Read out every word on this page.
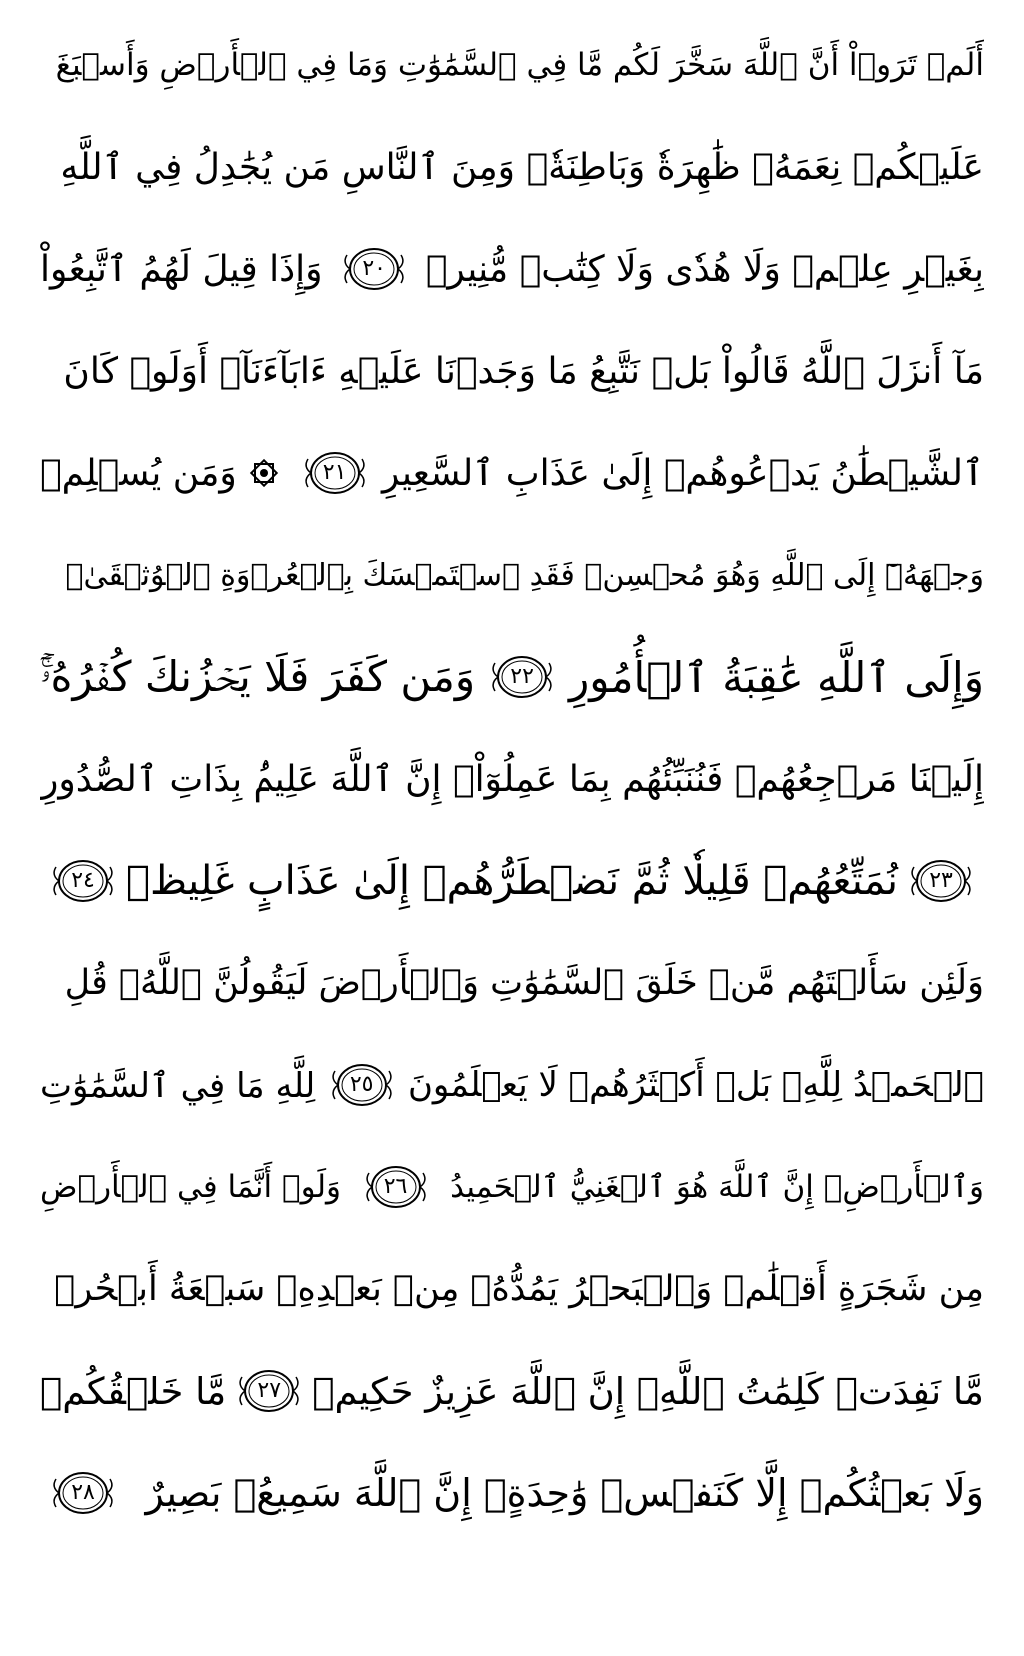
أَلَمۡ تَرَوۡاْ أَنَّ ٱللَّهَ سَخَّرَ لَكُم مَّا فِي ٱلسَّمَٰوَٰتِ وَمَا فِي ٱلۡأَرۡضِ وَأَسۡبَغَ
عَلَيۡكُمۡ نِعَمَهُۥ ظَٰهِرَةٗ وَبَاطِنَةٗۗ وَمِنَ ٱلنَّاسِ مَن يُجَٰدِلُ فِي ٱللَّهِ
بِغَيۡرِ عِلۡمٖ وَلَا هُدٗى وَلَا كِتَٰبٖ مُّنِيرٖ
٢٠
وَإِذَا قِيلَ لَهُمُ ٱتَّبِعُواْ
مَآ أَنزَلَ ٱللَّهُ قَالُواْ بَلۡ نَتَّبِعُ مَا وَجَدۡنَا عَلَيۡهِ ءَابَآءَنَآۚ أَوَلَوۡ كَانَ
ٱلشَّيۡطَٰنُ يَدۡعُوهُمۡ إِلَىٰ عَذَابِ ٱلسَّعِيرِ
٢١
وَمَن يُسۡلِمۡ
وَجۡهَهُۥٓ إِلَى ٱللَّهِ وَهُوَ مُحۡسِنٞ فَقَدِ ٱسۡتَمۡسَكَ بِٱلۡعُرۡوَةِ ٱلۡوُثۡقَىٰۗ
وَإِلَى ٱللَّهِ عَٰقِبَةُ ٱلۡأُمُورِ
٢٢
وَمَن كَفَرَ فَلَا يَحۡزُنكَ كُفۡرُهُۥٓۚ
إِلَيۡنَا مَرۡجِعُهُمۡ فَنُنَبِّئُهُم بِمَا عَمِلُوٓاْۚ إِنَّ ٱللَّهَ عَلِيمُۢ بِذَاتِ ٱلصُّدُورِ
٢٣
نُمَتِّعُهُمۡ قَلِيلٗا ثُمَّ نَضۡطَرُّهُمۡ إِلَىٰ عَذَابٍ غَلِيظٖ
٢٤
وَلَئِن سَأَلۡتَهُم مَّنۡ خَلَقَ ٱلسَّمَٰوَٰتِ وَٱلۡأَرۡضَ لَيَقُولُنَّ ٱللَّهُۚ قُلِ
ٱلۡحَمۡدُ لِلَّهِۚ بَلۡ أَكۡثَرُهُمۡ لَا يَعۡلَمُونَ
٢٥
لِلَّهِ مَا فِي ٱلسَّمَٰوَٰتِ
وَٱلۡأَرۡضِۚ إِنَّ ٱللَّهَ هُوَ ٱلۡغَنِيُّ ٱلۡحَمِيدُ
٢٦
وَلَوۡ أَنَّمَا فِي ٱلۡأَرۡضِ
مِن شَجَرَةٍ أَقۡلَٰمٞ وَٱلۡبَحۡرُ يَمُدُّهُۥ مِنۢ بَعۡدِهِۦ سَبۡعَةُ أَبۡحُرٖ
مَّا نَفِدَتۡ كَلِمَٰتُ ٱللَّهِۗ إِنَّ ٱللَّهَ عَزِيزٌ حَكِيمٞ
٢٧
مَّا خَلۡقُكُمۡ
وَلَا بَعۡثُكُمۡ إِلَّا كَنَفۡسٖ وَٰحِدَةٍۚ إِنَّ ٱللَّهَ سَمِيعُۢ بَصِيرٌ
٢٨
